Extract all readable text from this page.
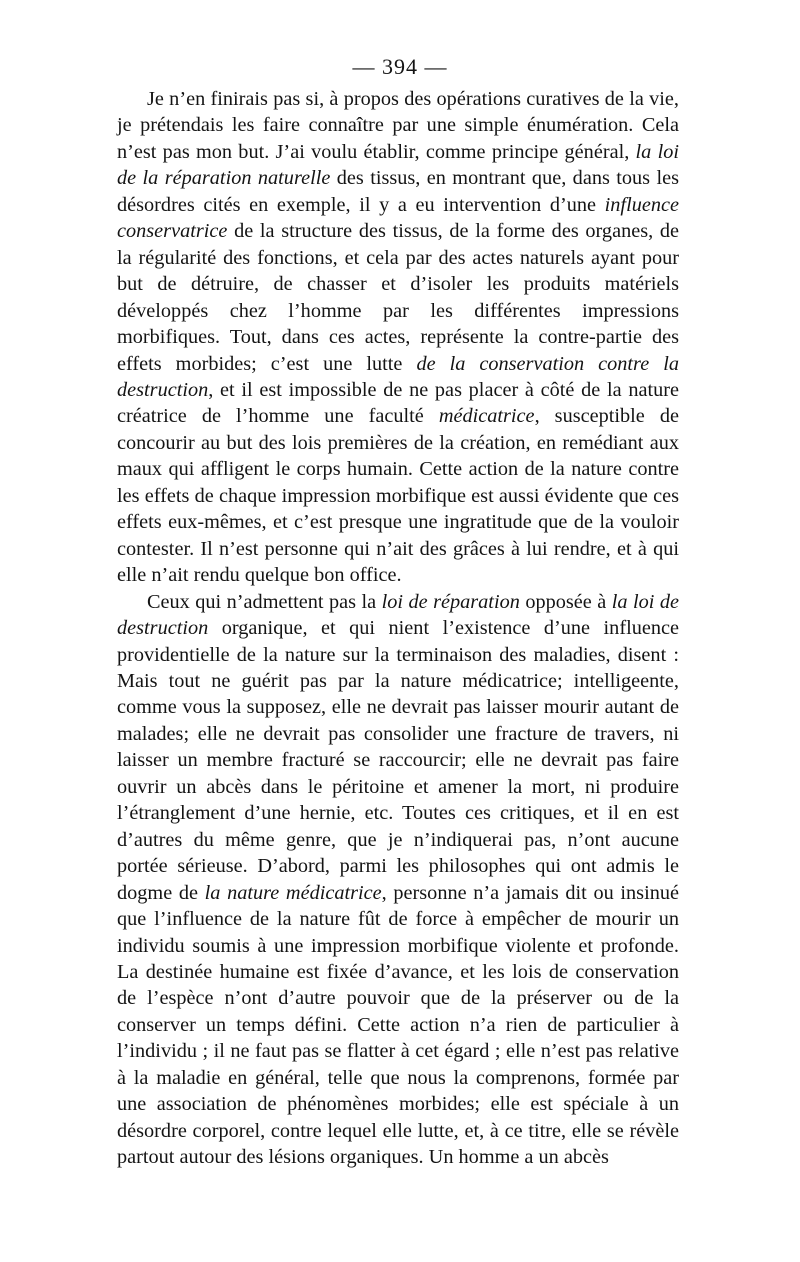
— 394 —

Je n’en finirais pas si, à propos des opérations curatives de la vie, je prétendais les faire connaître par une simple énumération. Cela n’est pas mon but. J’ai voulu établir, comme principe général, la loi de la réparation naturelle des tissus, en montrant que, dans tous les désordres cités en exemple, il y a eu intervention d’une influence conservatrice de la structure des tissus, de la forme des organes, de la régularité des fonctions, et cela par des actes naturels ayant pour but de détruire, de chasser et d’isoler les produits matériels développés chez l’homme par les différentes impressions morbifiques. Tout, dans ces actes, représente la contre-partie des effets morbides; c’est une lutte de la conservation contre la destruction, et il est impossible de ne pas placer à côté de la nature créatrice de l’homme une faculté médicatrice, susceptible de concourir au but des lois premières de la création, en remédiant aux maux qui affligent le corps humain. Cette action de la nature contre les effets de chaque impression morbifique est aussi évidente que ces effets eux-mêmes, et c’est presque une ingratitude que de la vouloir contester. Il n’est personne qui n’ait des grâces à lui rendre, et à qui elle n’ait rendu quelque bon office.

Ceux qui n’admettent pas la loi de réparation opposée à la loi de destruction organique, et qui nient l’existence d’une influence providentielle de la nature sur la terminaison des maladies, disent : Mais tout ne guérit pas par la nature médicatrice; intelligeente, comme vous la supposez, elle ne devrait pas laisser mourir autant de malades; elle ne devrait pas consolider une fracture de travers, ni laisser un membre fracturé se raccourcir; elle ne devrait pas faire ouvrir un abcès dans le péritoine et amener la mort, ni produire l’étranglement d’une hernie, etc. Toutes ces critiques, et il en est d’autres du même genre, que je n’indiquerai pas, n’ont aucune portée sérieuse. D’abord, parmi les philosophes qui ont admis le dogme de la nature médicatrice, personne n’a jamais dit ou insinué que l’influence de la nature fût de force à empêcher de mourir un individu soumis à une impression morbifique violente et profonde. La destinée humaine est fixée d’avance, et les lois de conservation de l’espèce n’ont d’autre pouvoir que de la préserver ou de la conserver un temps défini. Cette action n’a rien de particulier à l’individu ; il ne faut pas se flatter à cet égard ; elle n’est pas relative à la maladie en général, telle que nous la comprenons, formée par une association de phénomènes morbides; elle est spéciale à un désordre corporel, contre lequel elle lutte, et, à ce titre, elle se révèle partout autour des lésions organiques. Un homme a un abcès
